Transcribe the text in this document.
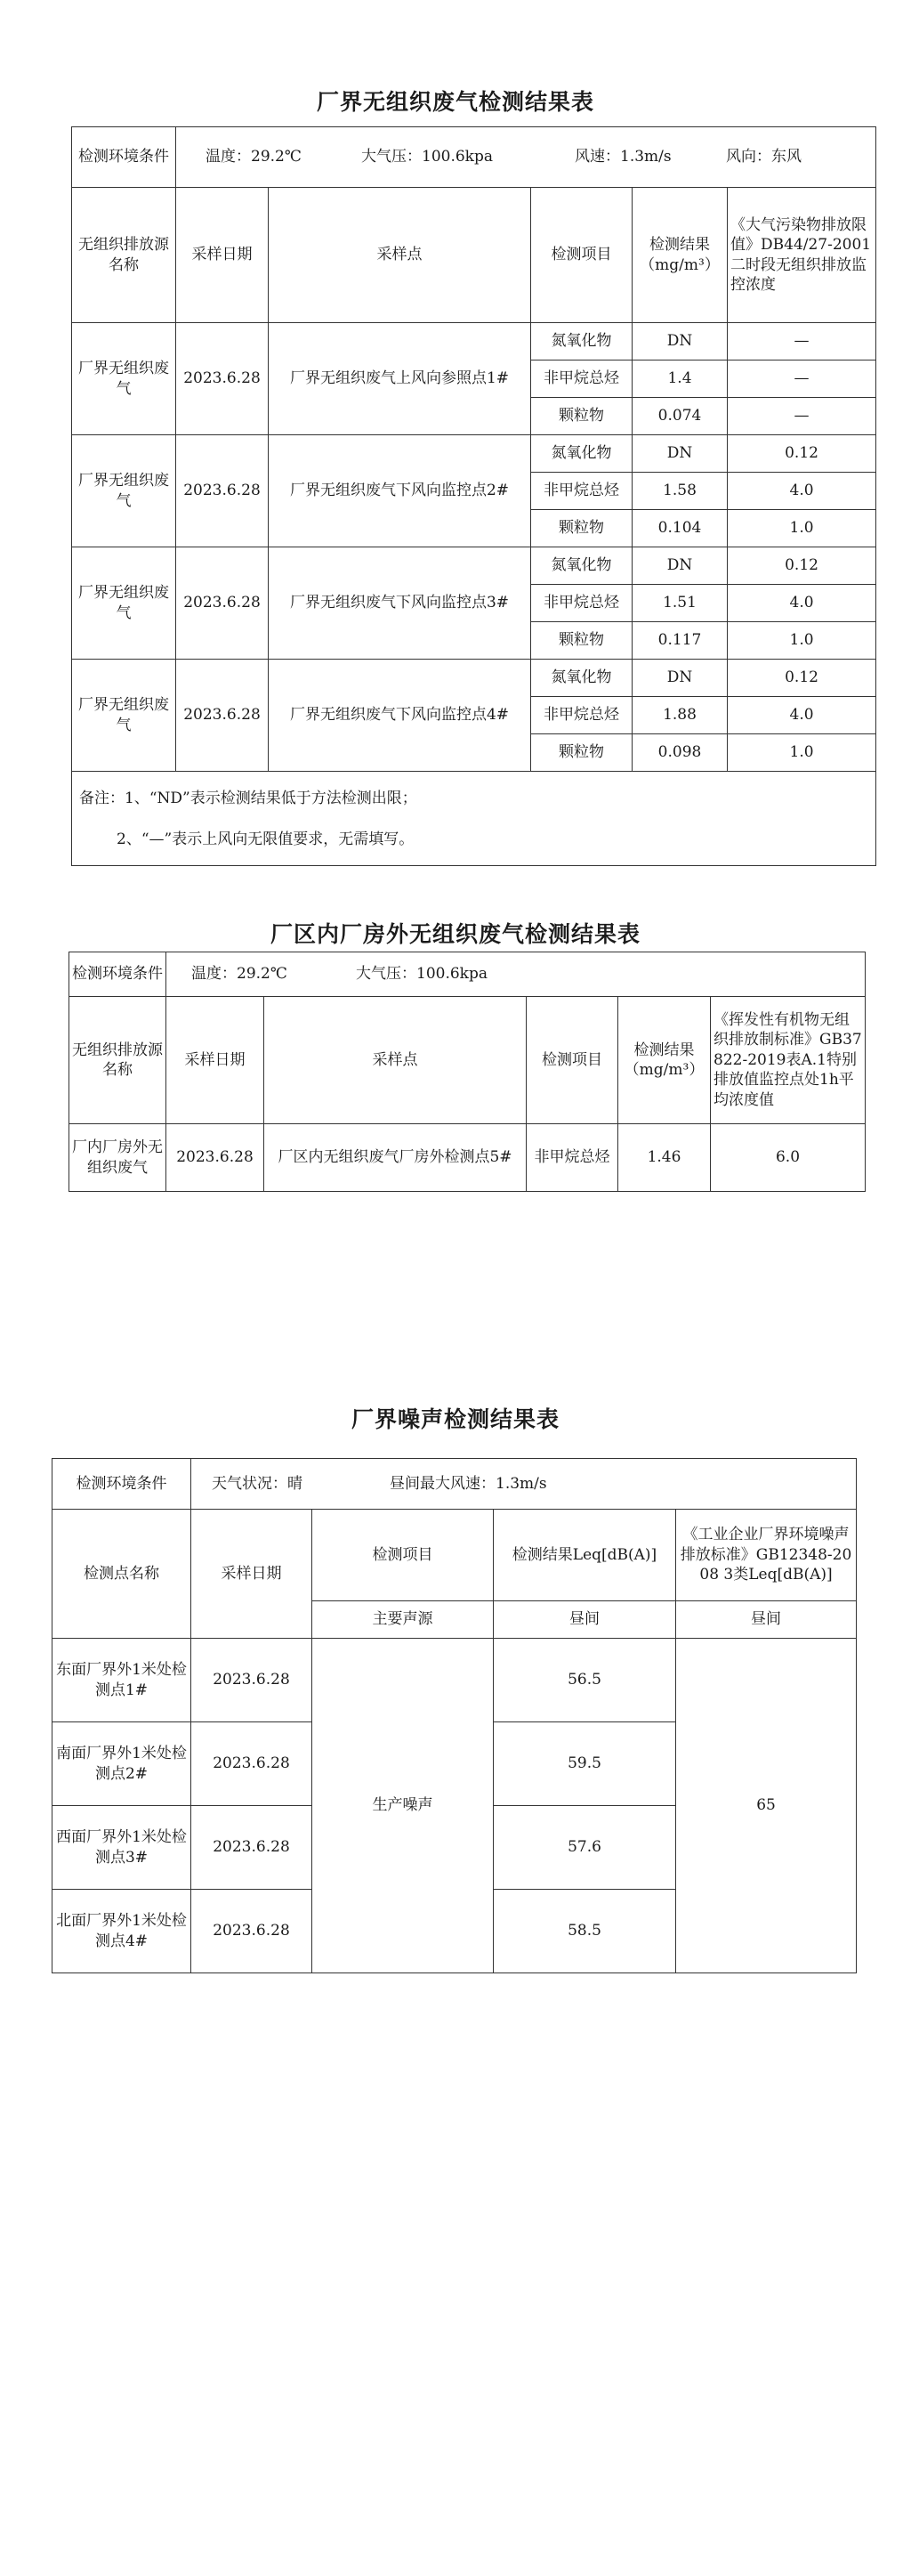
厂界无组织废气检测结果表
检测环境条件	温度：29.2℃ 大气压：100.6kpa 风速：1.3m/s 风向：东风				
无组织排放源名称	采样日期	采样点	检测项目	检测结果（mg/m³）	《大气污染物排放限值》DB44/27-2001二时段无组织排放监控浓度
厂界无组织废气	2023.6.28	厂界无组织废气上风向参照点1#	氮氧化物	DN	—
			非甲烷总烃	1.4	—
			颗粒物	0.074	—
厂界无组织废气	2023.6.28	厂界无组织废气下风向监控点2#	氮氧化物	DN	0.12
			非甲烷总烃	1.58	4.0
			颗粒物	0.104	1.0
厂界无组织废气	2023.6.28	厂界无组织废气下风向监控点3#	氮氧化物	DN	0.12
			非甲烷总烃	1.51	4.0
			颗粒物	0.117	1.0
厂界无组织废气	2023.6.28	厂界无组织废气下风向监控点4#	氮氧化物	DN	0.12
			非甲烷总烃	1.88	4.0
			颗粒物	0.098	1.0

备注：1、“ND”表示检测结果低于方法检测出限；
2、“—”表示上风向无限值要求，无需填写。					
厂区内厂房外无组织废气检测结果表
检测环境条件	温度：29.2℃ 大气压：100.6kpa				
无组织排放源名称	采样日期	采样点	检测项目	检测结果（mg/m³）	《挥发性有机物无组织排放制标准》GB37822-2019表A.1特别排放值监控点处1h平均浓度值
厂内厂房外无组织废气	2023.6.28	厂区内无组织废气厂房外检测点5#	非甲烷总烃	1.46	6.0
厂界噪声检测结果表
检测环境条件	天气状况：晴 昼间最大风速：1.3m/s			
检测点名称	采样日期	检测项目	检测结果Leq[dB(A)]	《工业企业厂界环境噪声排放标准》GB12348-2008 3类Leq[dB(A)]
		主要声源	昼间	昼间
东面厂界外1米处检测点1#	2023.6.28	生产噪声	56.5	65
南面厂界外1米处检测点2#	2023.6.28		59.5	
西面厂界外1米处检测点3#	2023.6.28		57.6	
北面厂界外1米处检测点4#	2023.6.28		58.5	
